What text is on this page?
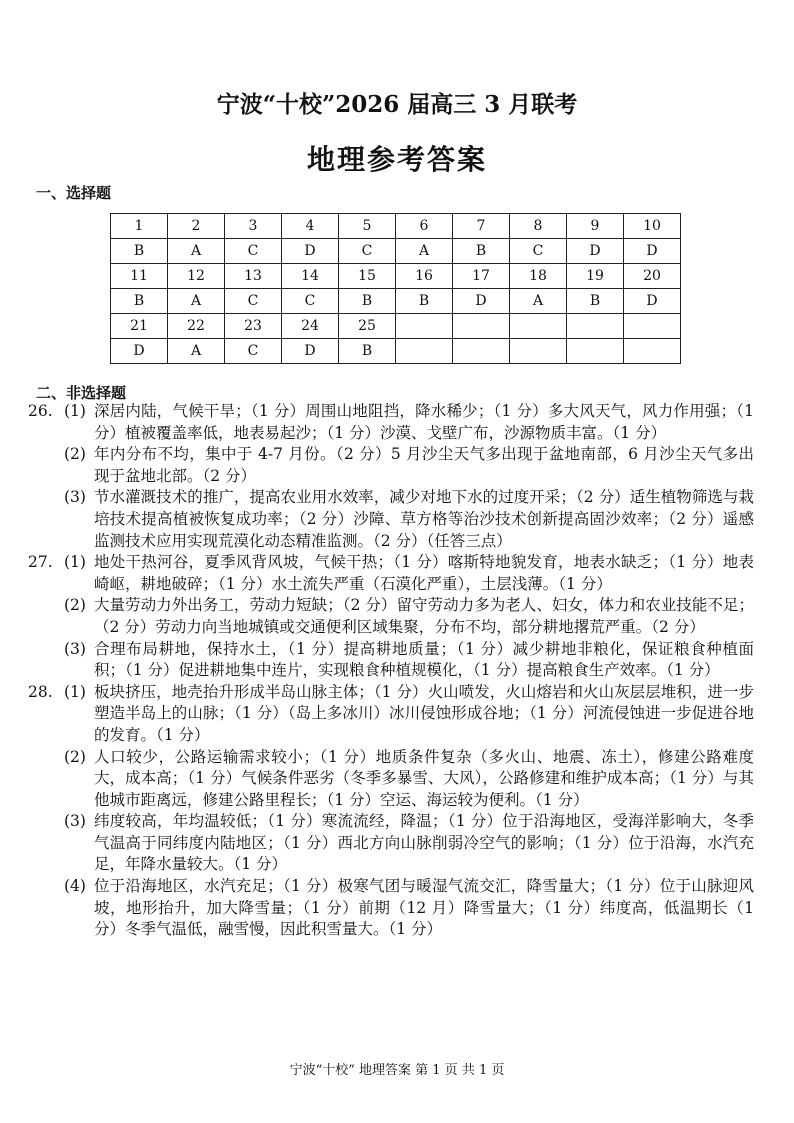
宁波“十校”2026 届高三 3 月联考
地理参考答案
一、选择题
1	2	3	4	5	6	7	8	9	10
B	A	C	D	C	A	B	C	D	D
11	12	13	14	15	16	17	18	19	20
B	A	C	C	B	B	D	A	B	D
21	22	23	24	25					
D	A	C	D	B					
二、非选择题
26. (1) 深居内陆，气候干旱；（1 分）周围山地阻挡，降水稀少；（1 分）多大风天气，风力作用强；（1 分）植被覆盖率低，地表易起沙；（1 分）沙漠、戈壁广布，沙源物质丰富。（1 分）
(2) 年内分布不均，集中于 4-7 月份。（2 分）5 月沙尘天气多出现于盆地南部，6 月沙尘天气多出现于盆地北部。（2 分）
(3) 节水灌溉技术的推广，提高农业用水效率，减少对地下水的过度开采；（2 分）适生植物筛选与栽培技术提高植被恢复成功率；（2 分）沙障、草方格等治沙技术创新提高固沙效率；（2 分）遥感监测技术应用实现荒漠化动态精准监测。（2 分）（任答三点）
27. (1) 地处干热河谷，夏季风背风坡，气候干热；（1 分）喀斯特地貌发育，地表水缺乏；（1 分）地表崎岖，耕地破碎；（1 分）水土流失严重（石漠化严重），土层浅薄。（1 分）
(2) 大量劳动力外出务工，劳动力短缺；（2 分）留守劳动力多为老人、妇女，体力和农业技能不足；（2 分）劳动力向当地城镇或交通便利区域集聚，分布不均，部分耕地撂荒严重。（2 分）
(3) 合理布局耕地，保持水土，（1 分）提高耕地质量；（1 分）减少耕地非粮化，保证粮食种植面积；（1 分）促进耕地集中连片，实现粮食种植规模化，（1 分）提高粮食生产效率。（1 分）
28. (1) 板块挤压，地壳抬升形成半岛山脉主体；（1 分）火山喷发，火山熔岩和火山灰层层堆积，进一步塑造半岛上的山脉；（1 分）（岛上多冰川）冰川侵蚀形成谷地；（1 分）河流侵蚀进一步促进谷地的发育。（1 分）
(2) 人口较少，公路运输需求较小；（1 分）地质条件复杂（多火山、地震、冻土），修建公路难度大，成本高；（1 分）气候条件恶劣（冬季多暴雪、大风），公路修建和维护成本高；（1 分）与其他城市距离远，修建公路里程长；（1 分）空运、海运较为便利。（1 分）
(3) 纬度较高，年均温较低；（1 分）寒流流经，降温；（1 分）位于沿海地区，受海洋影响大，冬季气温高于同纬度内陆地区；（1 分）西北方向山脉削弱冷空气的影响；（1 分）位于沿海，水汽充足，年降水量较大。（1 分）
(4) 位于沿海地区，水汽充足；（1 分）极寒气团与暖湿气流交汇，降雪量大；（1 分）位于山脉迎风坡，地形抬升，加大降雪量；（1 分）前期（12 月）降雪量大；（1 分）纬度高，低温期长（1 分）冬季气温低，融雪慢，因此积雪量大。（1 分）
宁波“十校” 地理答案 第 1 页 共 1 页
